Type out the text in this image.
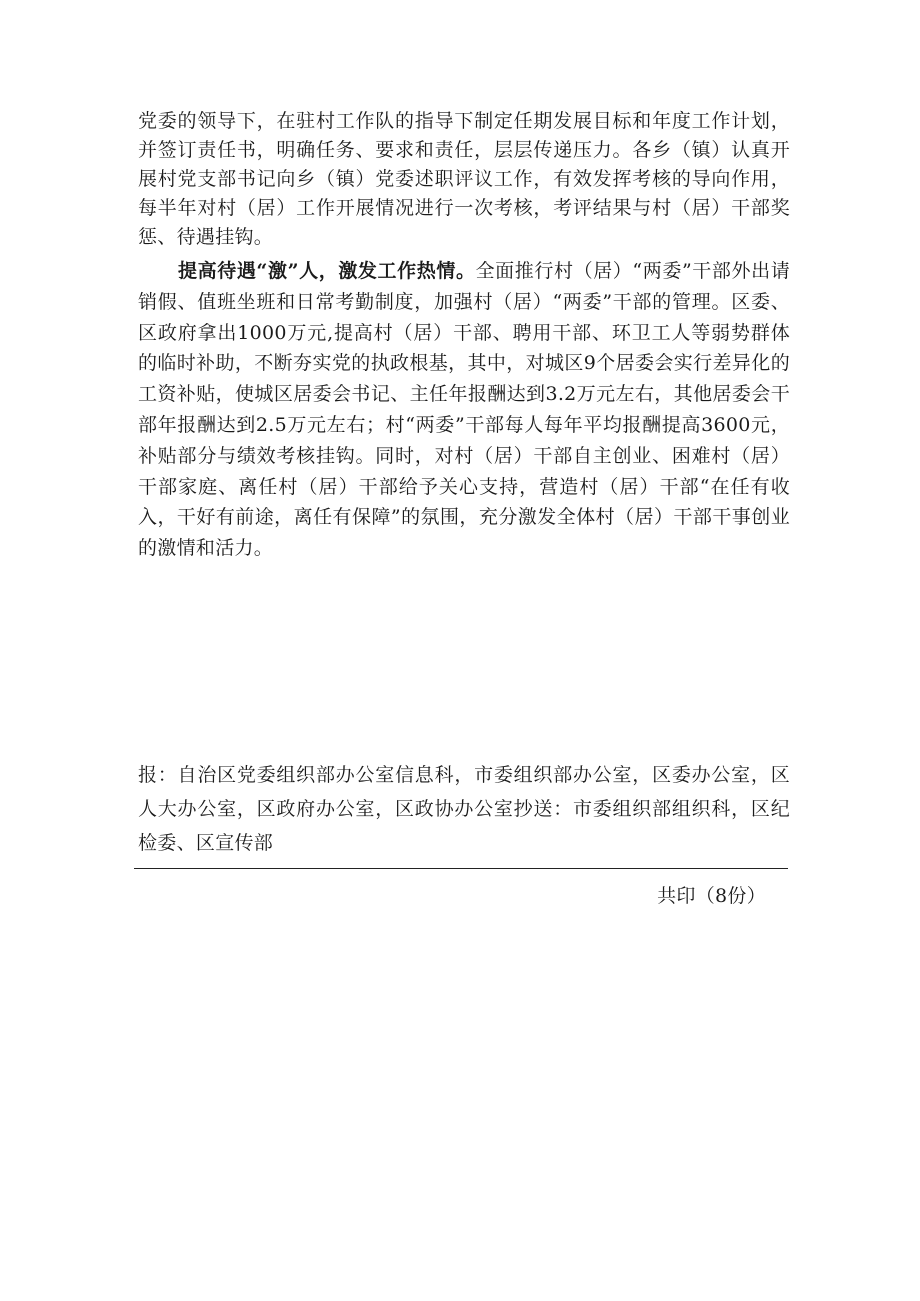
党委的领导下，在驻村工作队的指导下制定任期发展目标和年度工作计划，并签订责任书，明确任务、要求和责任，层层传递压力。各乡（镇）认真开展村党支部书记向乡（镇）党委述职评议工作，有效发挥考核的导向作用，每半年对村（居）工作开展情况进行一次考核，考评结果与村（居）干部奖惩、待遇挂钩。

提高待遇“激”人，激发工作热情。全面推行村（居）“两委”干部外出请销假、值班坐班和日常考勤制度，加强村（居）“两委”干部的管理。区委、区政府拿出1000万元,提高村（居）干部、聘用干部、环卫工人等弱势群体的临时补助，不断夯实党的执政根基，其中，对城区9个居委会实行差异化的工资补贴，使城区居委会书记、主任年报酬达到3.2万元左右，其他居委会干部年报酬达到2.5万元左右；村“两委”干部每人每年平均报酬提高3600元，补贴部分与绩效考核挂钩。同时，对村（居）干部自主创业、困难村（居）干部家庭、离任村（居）干部给予关心支持，营造村（居）干部“在任有收入，干好有前途，离任有保障”的氛围，充分激发全体村（居）干部干事创业的激情和活力。

报：自治区党委组织部办公室信息科，市委组织部办公室，区委办公室，区人大办公室，区政府办公室，区政协办公室抄送：市委组织部组织科，区纪检委、区宣传部

共印（8份）
